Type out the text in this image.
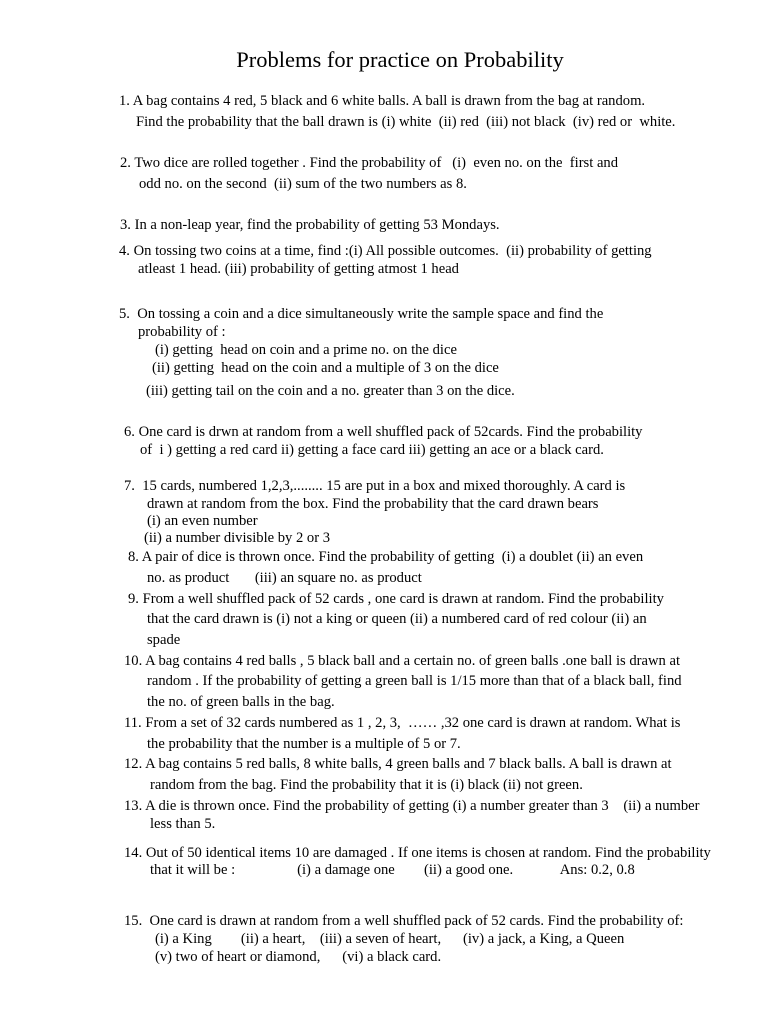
Problems for practice on Probability
1. A bag contains 4 red, 5 black and 6 white balls. A ball is drawn from the bag at random.
Find the probability that the ball drawn is (i) white  (ii) red  (iii) not black  (iv) red or  white.
2. Two dice are rolled together . Find the probability of   (i)  even no. on the  first and
odd no. on the second  (ii) sum of the two numbers as 8.
3. In a non-leap year, find the probability of getting 53 Mondays.
4. On tossing two coins at a time, find :(i) All possible outcomes.  (ii) probability of getting
atleast 1 head. (iii) probability of getting atmost 1 head
5.  On tossing a coin and a dice simultaneously write the sample space and find the
probability of :
(i) getting  head on coin and a prime no. on the dice
(ii) getting  head on the coin and a multiple of 3 on the dice
(iii) getting tail on the coin and a no. greater than 3 on the dice.
6. One card is drwn at random from a well shuffled pack of 52cards. Find the probability
of  i ) getting a red card ii) getting a face card iii) getting an ace or a black card.
7.  15 cards, numbered 1,2,3,........ 15 are put in a box and mixed thoroughly. A card is
drawn at random from the box. Find the probability that the card drawn bears
(i) an even number
(ii) a number divisible by 2 or 3
8. A pair of dice is thrown once. Find the probability of getting  (i) a doublet (ii) an even
no. as product       (iii) an square no. as product
9. From a well shuffled pack of 52 cards , one card is drawn at random. Find the probability
that the card drawn is (i) not a king or queen (ii) a numbered card of red colour (ii) an
spade
10. A bag contains 4 red balls , 5 black ball and a certain no. of green balls .one ball is drawn at
random . If the probability of getting a green ball is 1/15 more than that of a black ball, find
the no. of green balls in the bag.
11. From a set of 32 cards numbered as 1 , 2, 3,  …… ,32 one card is drawn at random. What is
the probability that the number is a multiple of 5 or 7.
12. A bag contains 5 red balls, 8 white balls, 4 green balls and 7 black balls. A ball is drawn at
random from the bag. Find the probability that it is (i) black (ii) not green.
13. A die is thrown once. Find the probability of getting (i) a number greater than 3    (ii) a number
less than 5.
14. Out of 50 identical items 10 are damaged . If one items is chosen at random. Find the probability
that it will be :                 (i) a damage one        (ii) a good one.             Ans: 0.2, 0.8
15.  One card is drawn at random from a well shuffled pack of 52 cards. Find the probability of:
(i) a King        (ii) a heart,    (iii) a seven of heart,      (iv) a jack, a King, a Queen
(v) two of heart or diamond,      (vi) a black card.
